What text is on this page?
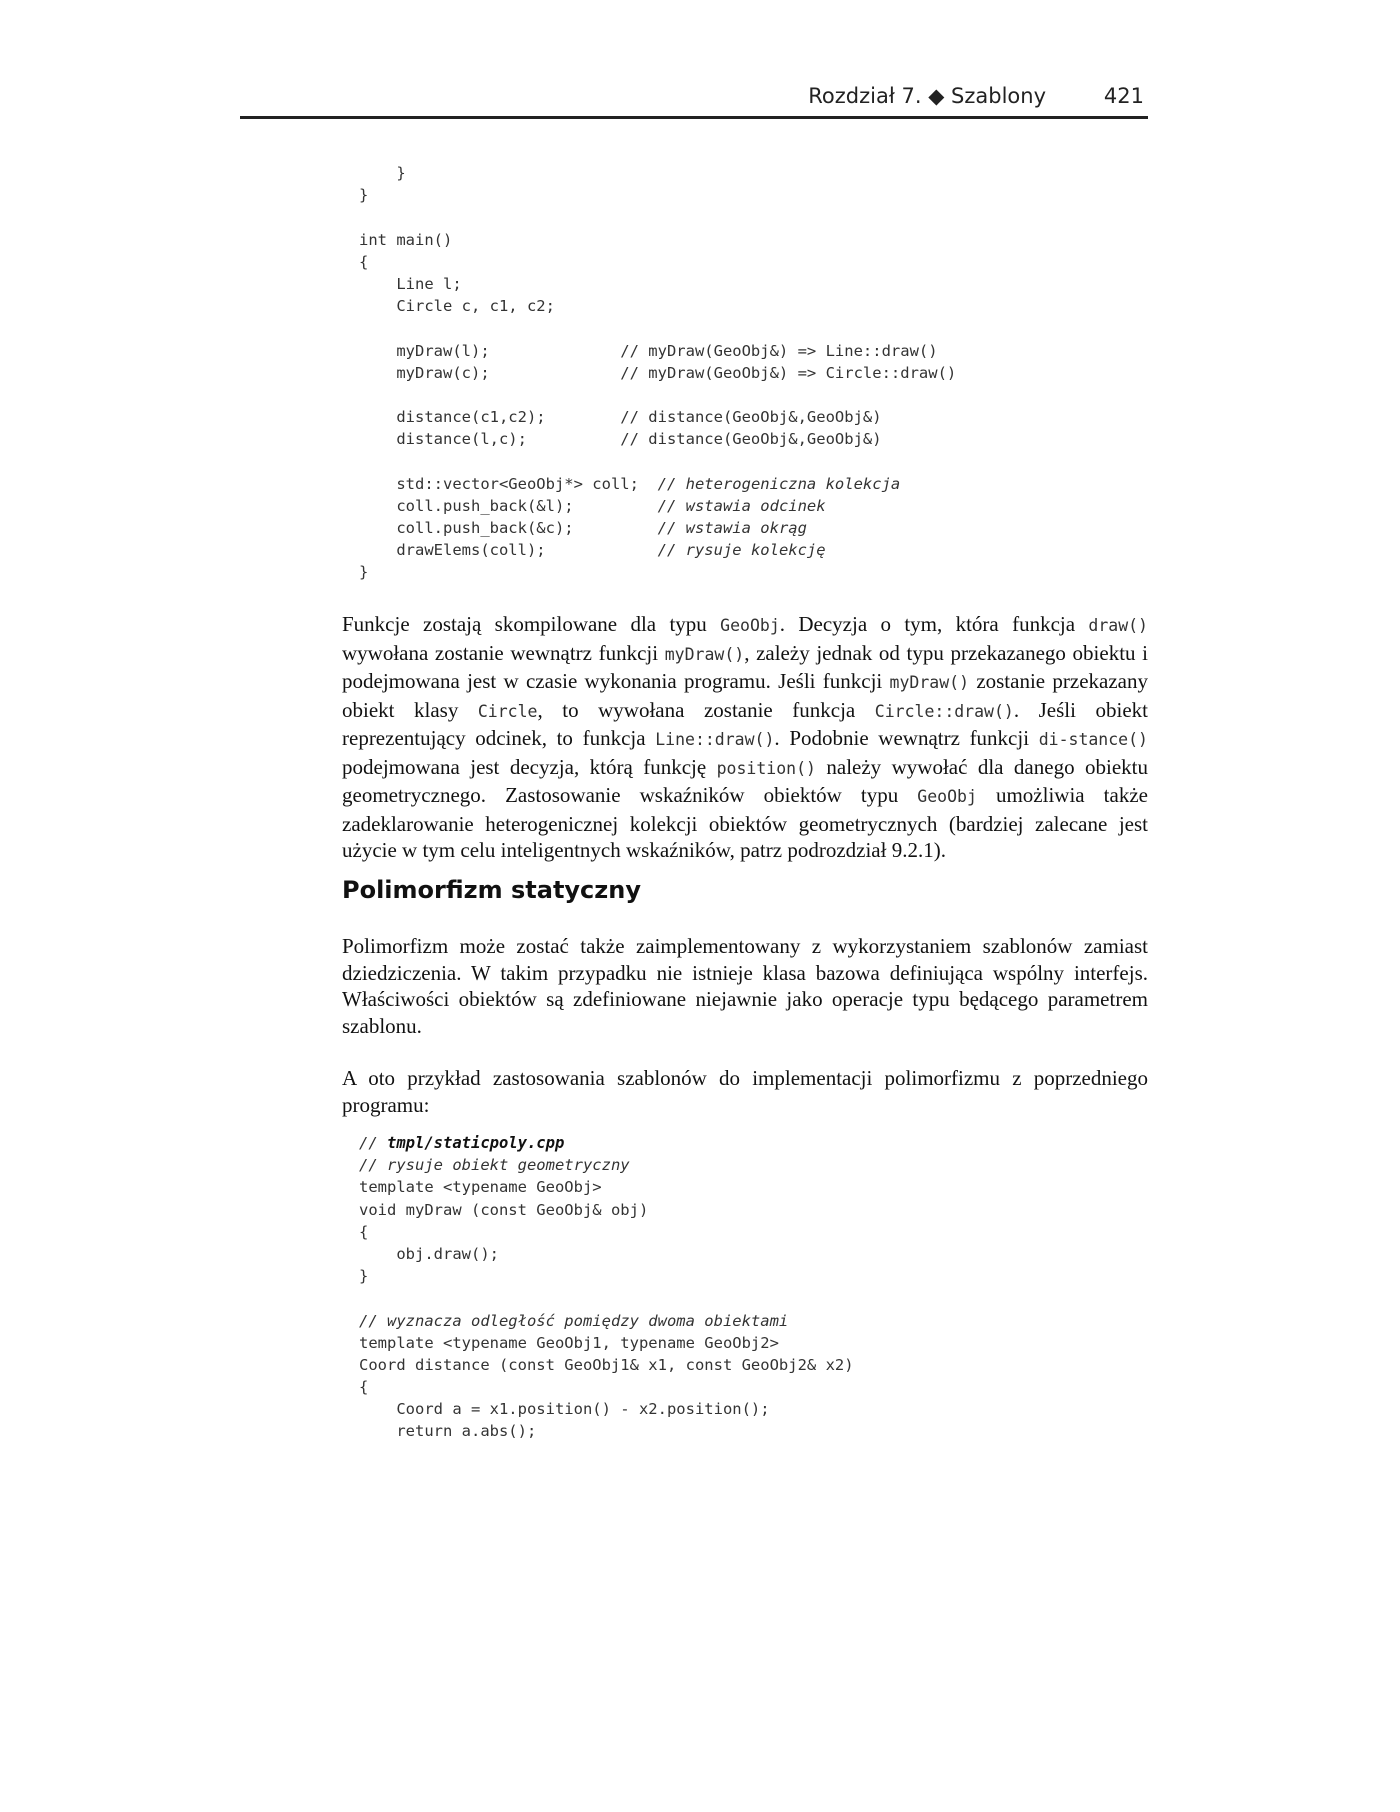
Rozdział 7. ◆ Szablony	421
}
}
int main()
{
Line l;
Circle c, c1, c2;
myDraw(l);              // myDraw(GeoObj&) => Line::draw()
myDraw(c);              // myDraw(GeoObj&) => Circle::draw()
distance(c1,c2);        // distance(GeoObj&,GeoObj&)
distance(l,c);          // distance(GeoObj&,GeoObj&)
std::vector<GeoObj*> coll;  // heterogeniczna kolekcja
coll.push_back(&l);         // wstawia odcinek
coll.push_back(&c);         // wstawia okrąg
drawElems(coll);            // rysuje kolekcję
}

Funkcje zostają skompilowane dla typu GeoObj. Decyzja o tym, która funkcja draw() wywołana zostanie wewnątrz funkcji myDraw(), zależy jednak od typu przekazanego obiektu i podejmowana jest w czasie wykonania programu. Jeśli funkcji myDraw() zostanie przekazany obiekt klasy Circle, to wywołana zostanie funkcja Circle::draw(). Jeśli obiekt reprezentujący odcinek, to funkcja Line::draw(). Podobnie wewnątrz funkcji di-stance() podejmowana jest decyzja, którą funkcję position() należy wywołać dla danego obiektu geometrycznego. Zastosowanie wskaźników obiektów typu GeoObj umożliwia także zadeklarowanie heterogenicznej kolekcji obiektów geometrycznych (bardziej zalecane jest użycie w tym celu inteligentnych wskaźników, patrz podrozdział 9.2.1).

Polimorfizm statyczny

Polimorfizm może zostać także zaimplementowany z wykorzystaniem szablonów zamiast dziedziczenia. W takim przypadku nie istnieje klasa bazowa definiująca wspólny interfejs. Właściwości obiektów są zdefiniowane niejawnie jako operacje typu będącego parametrem szablonu.

A oto przykład zastosowania szablonów do implementacji polimorfizmu z poprzedniego programu:

// tmpl/staticpoly.cpp
// rysuje obiekt geometryczny
template <typename GeoObj>
void myDraw (const GeoObj& obj)
{
obj.draw();
}
// wyznacza odległość pomiędzy dwoma obiektami
template <typename GeoObj1, typename GeoObj2>
Coord distance (const GeoObj1& x1, const GeoObj2& x2)
{
Coord a = x1.position() - x2.position();
return a.abs();
